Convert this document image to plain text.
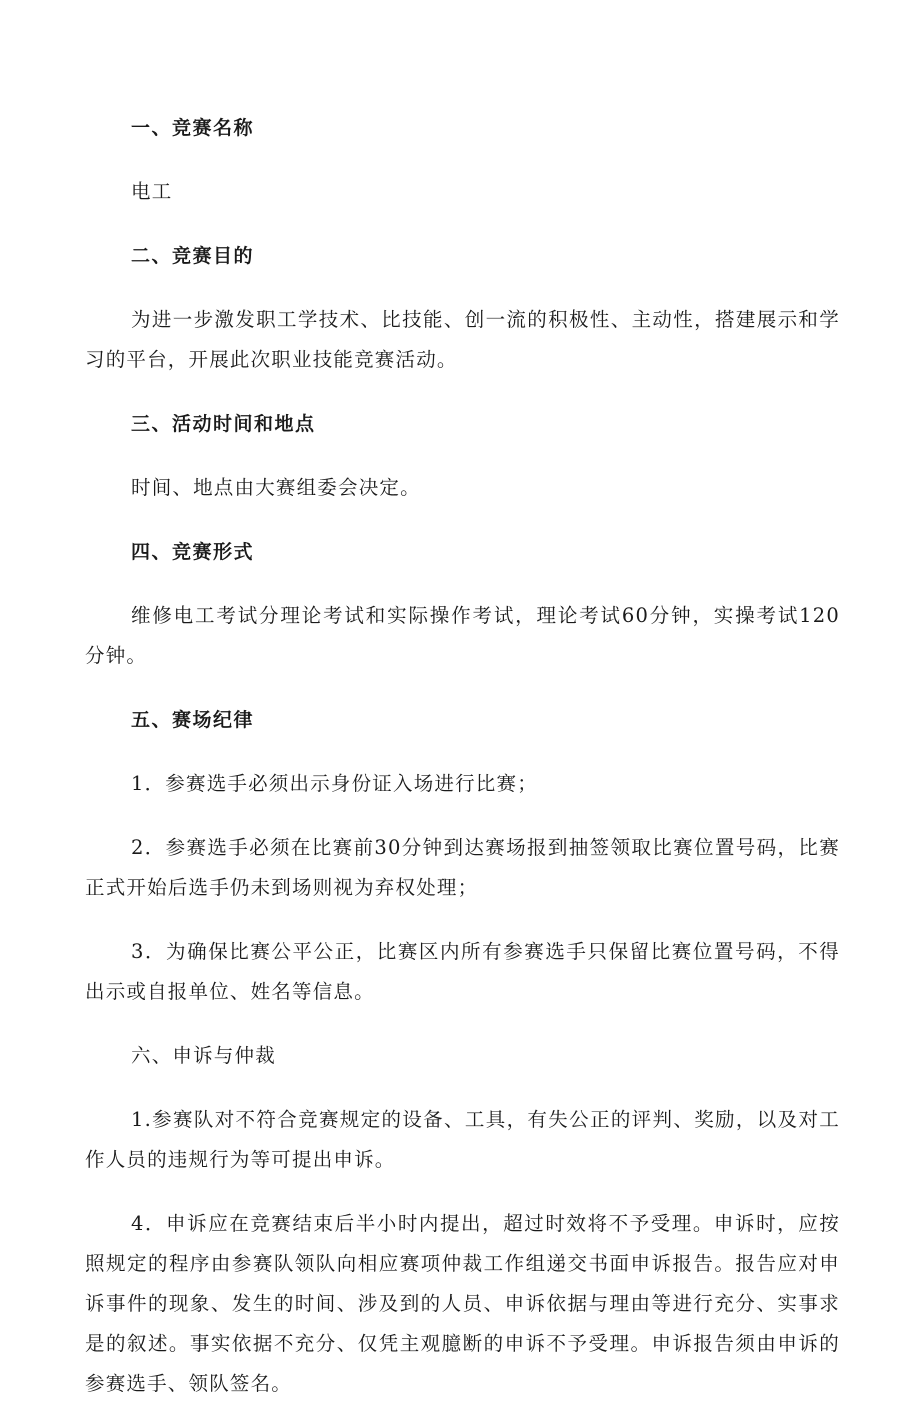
一、竞赛名称
电工
二、竞赛目的
为进一步激发职工学技术、比技能、创一流的积极性、主动性，搭建展示和学习的平台，开展此次职业技能竞赛活动。
三、活动时间和地点
时间、地点由大赛组委会决定。
四、竞赛形式
维修电工考试分理论考试和实际操作考试，理论考试60分钟，实操考试120分钟。
五、赛场纪律
1．参赛选手必须出示身份证入场进行比赛；
2．参赛选手必须在比赛前30分钟到达赛场报到抽签领取比赛位置号码，比赛正式开始后选手仍未到场则视为弃权处理；
3．为确保比赛公平公正，比赛区内所有参赛选手只保留比赛位置号码，不得出示或自报单位、姓名等信息。
六、申诉与仲裁
1.参赛队对不符合竞赛规定的设备、工具，有失公正的评判、奖励，以及对工作人员的违规行为等可提出申诉。
4．申诉应在竞赛结束后半小时内提出，超过时效将不予受理。申诉时，应按照规定的程序由参赛队领队向相应赛项仲裁工作组递交书面申诉报告。报告应对申诉事件的现象、发生的时间、涉及到的人员、申诉依据与理由等进行充分、实事求是的叙述。事实依据不充分、仅凭主观臆断的申诉不予受理。申诉报告须由申诉的参赛选手、领队签名。
